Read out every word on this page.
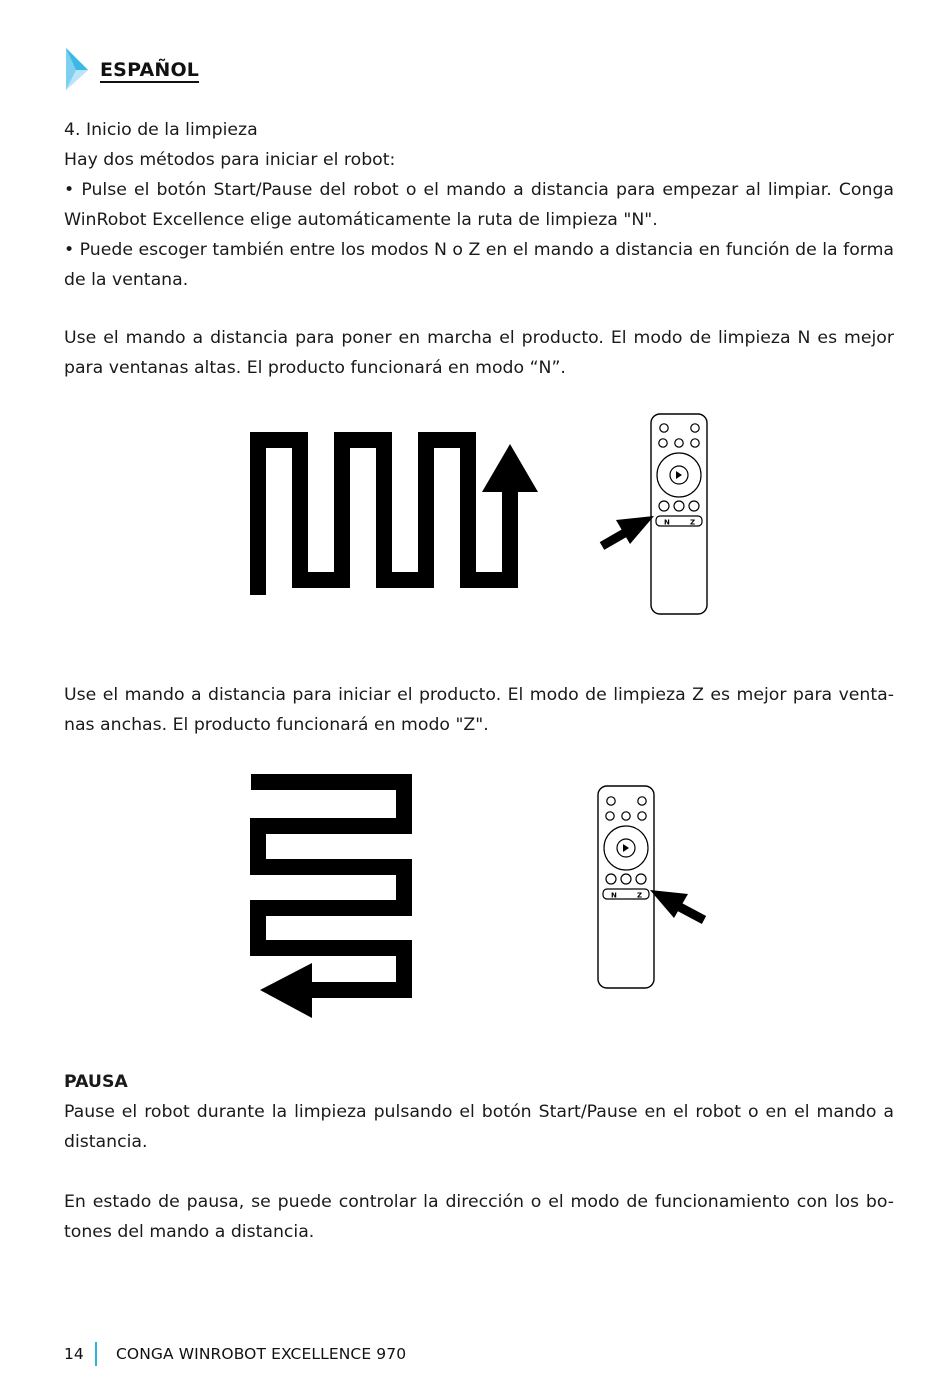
ESPAÑOL

4. Inicio de la limpieza

Hay dos métodos para iniciar el robot:

• Pulse el botón Start/Pause del robot o el mando a distancia para empezar al limpiar. Conga WinRobot Excellence elige automáticamente la ruta de limpieza "N".

• Puede escoger también entre los modos N o Z en el mando a distancia en función de la forma de la ventana.

Use el mando a distancia para poner en marcha el producto. El modo de limpieza N es mejor para ventanas altas. El producto funcionará en modo “N”.

N	Z

Use el mando a distancia para iniciar el producto. El modo de limpieza Z es mejor para venta-nas anchas. El producto funcionará en modo "Z".

N	Z

PAUSA

Pause el robot durante la limpieza pulsando el botón Start/Pause en el robot o en el mando a distancia.

En estado de pausa, se puede controlar la dirección o el modo de funcionamiento con los bo-tones del mando a distancia.

14 CONGA WINROBOT EXCELLENCE 970
